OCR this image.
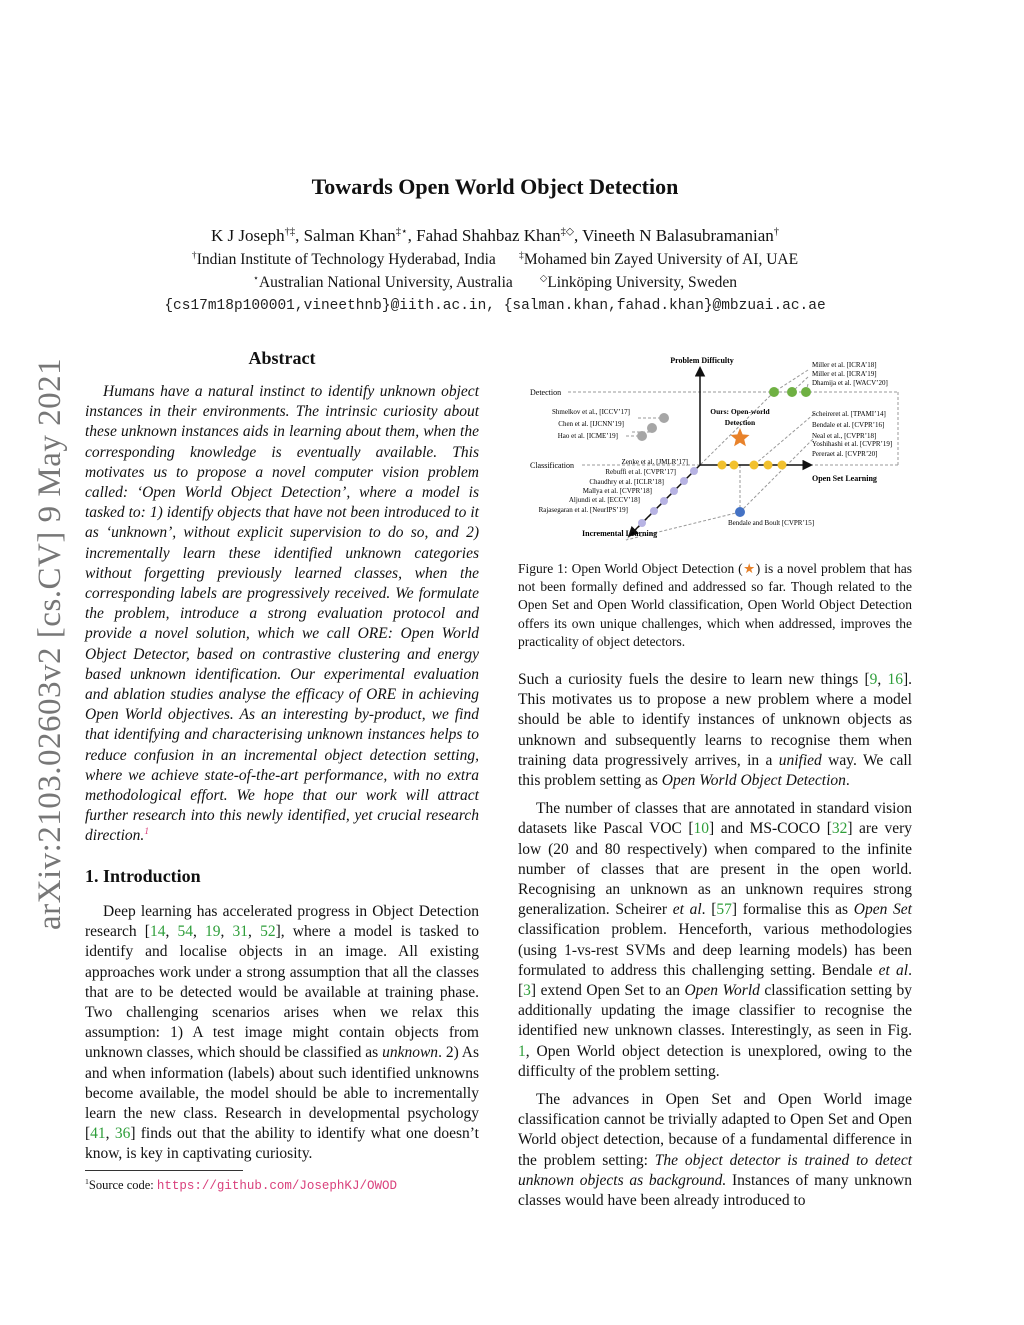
arXiv:2103.02603v2 [cs.CV] 9 May 2021
Towards Open World Object Detection
K J Joseph†‡, Salman Khan‡⋆, Fahad Shahbaz Khan‡◇, Vineeth N Balasubramanian†
†Indian Institute of Technology Hyderabad, India ‡Mohamed bin Zayed University of AI, UAE
⋆Australian National University, Australia	◇Linköping University, Sweden
{cs17m18p100001,vineethnb}@iith.ac.in, {salman.khan,fahad.khan}@mbzuai.ac.ae
Abstract
Humans have a natural instinct to identify unknown object instances in their environments. The intrinsic curiosity about these unknown instances aids in learning about them, when the corresponding knowledge is eventually available. This motivates us to propose a novel computer vision problem called: ‘Open World Object Detection’, where a model is tasked to: 1) identify objects that have not been introduced to it as ‘unknown’, without explicit supervision to do so, and 2) incrementally learn these identified unknown categories without forgetting previously learned classes, when the corresponding labels are progressively received. We formulate the problem, introduce a strong evaluation protocol and provide a novel solution, which we call ORE: Open World Object Detector, based on contrastive clustering and energy based unknown identification. Our experimental evaluation and ablation studies analyse the efficacy of ORE in achieving Open World objectives. As an interesting by-product, we find that identifying and characterising unknown instances helps to reduce confusion in an incremental object detection setting, where we achieve state-of-the-art performance, with no extra methodological effort. We hope that our work will attract further research into this newly identified, yet crucial research direction.$^1$
1. Introduction
Deep learning has accelerated progress in Object Detection research [14, 54, 19, 31, 52], where a model is tasked to identify and localise objects in an image. All existing approaches work under a strong assumption that all the classes that are to be detected would be available at training phase. Two challenging scenarios arises when we relax this assumption: 1) A test image might contain objects from unknown classes, which should be classified as unknown. 2) As and when information (labels) about such identified unknowns become available, the model should be able to incrementally learn the new class. Research in developmental psychology [41, 36] finds out that the ability to identify what one doesn’t know, is key in captivating curiosity.
$^1$Source code: https://github.com/JosephKJ/OWOD
Problem Difficulty
Detection
Classification
Open Set Learning
Incremental Learning
Ours: Open-world
Detection
Miller et al. [ICRA’18]
Miller et al. [ICRA’19]
Dhamija et al. [WACV’20]
Scheireret al. [TPAMI’14]
Bendale et al. [CVPR’16]
Neal et al., [CVPR’18]
Yoshihashi et al. [CVPR’19]
Pereraet al. [CVPR’20]
Shmelkov et al., [ICCV’17]
Chen et al. [IJCNN’19]
Hao et al. [ICME’19]
Zenke et al. [JMLR’17]
Rebuffi et al. [CVPR’17]
Chaudhry et al. [ICLR’18]
Mallya et al. [CVPR’18]
Aljundi et al. [ECCV’18]
Rajasegaran et al. [NeurIPS’19]
Bendale and Boult [CVPR’15]
Figure 1: Open World Object Detection (★) is a novel problem that has not been formally defined and addressed so far. Though related to the Open Set and Open World classification, Open World Object Detection offers its own unique challenges, which when addressed, improves the practicality of object detectors.

Such a curiosity fuels the desire to learn new things [9, 16]. This motivates us to propose a new problem where a model should be able to identify instances of unknown objects as unknown and subsequently learns to recognise them when training data progressively arrives, in a unified way. We call this problem setting as Open World Object Detection.

The number of classes that are annotated in standard vision datasets like Pascal VOC [10] and MS-COCO [32] are very low (20 and 80 respectively) when compared to the infinite number of classes that are present in the open world. Recognising an unknown as an unknown requires strong generalization. Scheirer et al. [57] formalise this as Open Set classification problem. Henceforth, various methodologies (using 1-vs-rest SVMs and deep learning models) has been formulated to address this challenging setting. Bendale et al. [3] extend Open Set to an Open World classification setting by additionally updating the image classifier to recognise the identified new unknown classes. Interestingly, as seen in Fig. 1, Open World object detection is unexplored, owing to the difficulty of the problem setting.

The advances in Open Set and Open World image classification cannot be trivially adapted to Open Set and Open World object detection, because of a fundamental difference in the problem setting: The object detector is trained to detect unknown objects as background. Instances of many unknown classes would have been already introduced to
